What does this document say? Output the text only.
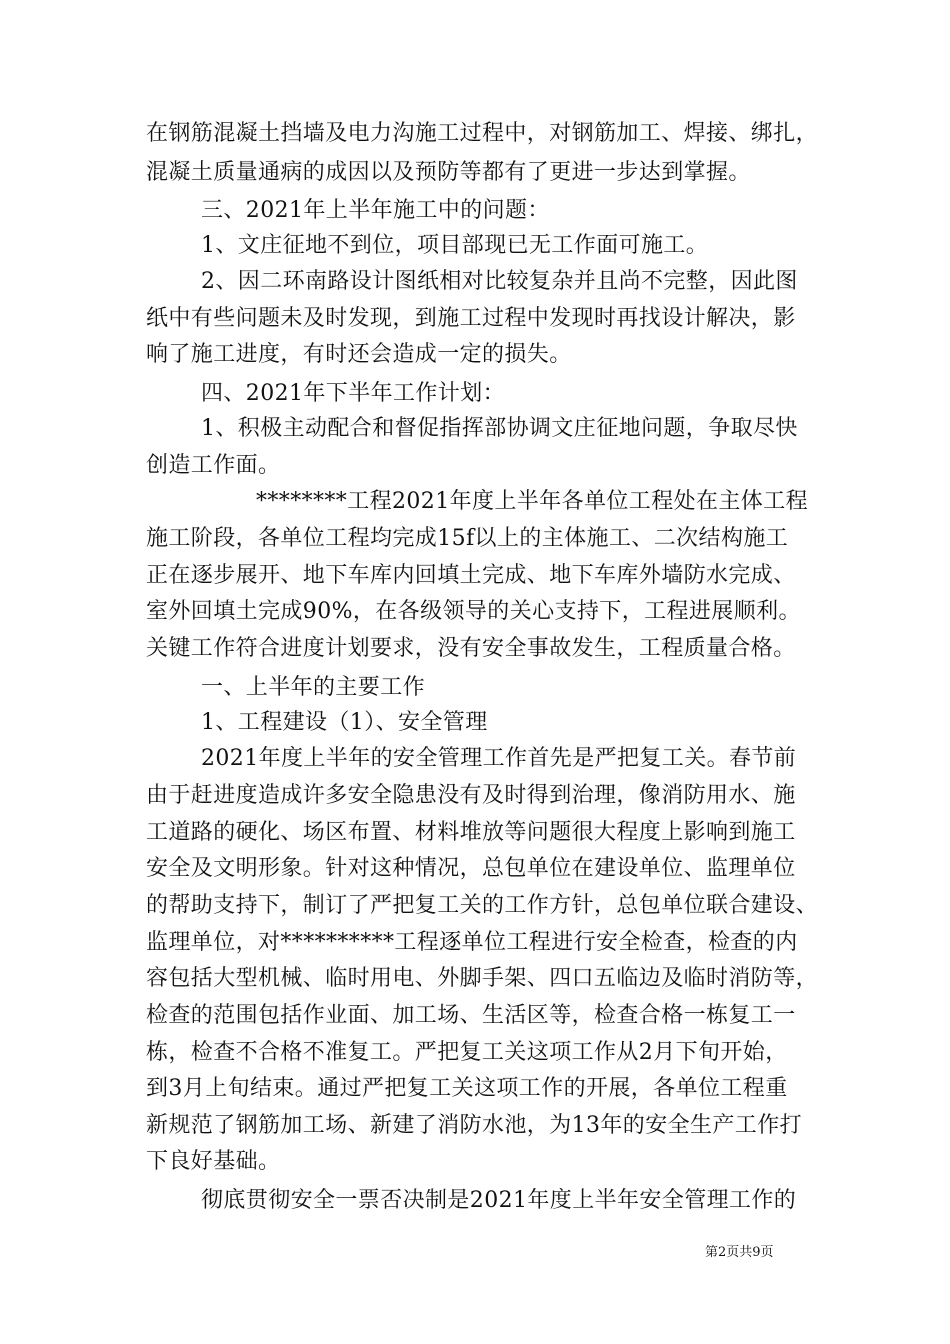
在钢筋混凝土挡墙及电力沟施工过程中，对钢筋加工、焊接、绑扎，
混凝土质量通病的成因以及预防等都有了更进一步达到掌握。
三、2021年上半年施工中的问题：
1、文庄征地不到位，项目部现已无工作面可施工。
2、因二环南路设计图纸相对比较复杂并且尚不完整，因此图
纸中有些问题未及时发现，到施工过程中发现时再找设计解决，影
响了施工进度，有时还会造成一定的损失。
四、2021年下半年工作计划：
1、积极主动配合和督促指挥部协调文庄征地问题，争取尽快
创造工作面。
********工程2021年度上半年各单位工程处在主体工程
施工阶段，各单位工程均完成15f以上的主体施工、二次结构施工
正在逐步展开、地下车库内回填土完成、地下车库外墙防水完成、
室外回填土完成90%，在各级领导的关心支持下，工程进展顺利。
关键工作符合进度计划要求，没有安全事故发生，工程质量合格。
一、上半年的主要工作
1、工程建设（1）、安全管理
2021年度上半年的安全管理工作首先是严把复工关。春节前
由于赶进度造成许多安全隐患没有及时得到治理，像消防用水、施
工道路的硬化、场区布置、材料堆放等问题很大程度上影响到施工
安全及文明形象。针对这种情况，总包单位在建设单位、监理单位
的帮助支持下，制订了严把复工关的工作方针，总包单位联合建设、
监理单位，对**********工程逐单位工程进行安全检查，检查的内
容包括大型机械、临时用电、外脚手架、四口五临边及临时消防等，
检查的范围包括作业面、加工场、生活区等，检查合格一栋复工一
栋，检查不合格不准复工。严把复工关这项工作从2月下旬开始，
到3月上旬结束。通过严把复工关这项工作的开展，各单位工程重
新规范了钢筋加工场、新建了消防水池，为13年的安全生产工作打
下良好基础。
彻底贯彻安全一票否决制是2021年度上半年安全管理工作的
第2页共9页
